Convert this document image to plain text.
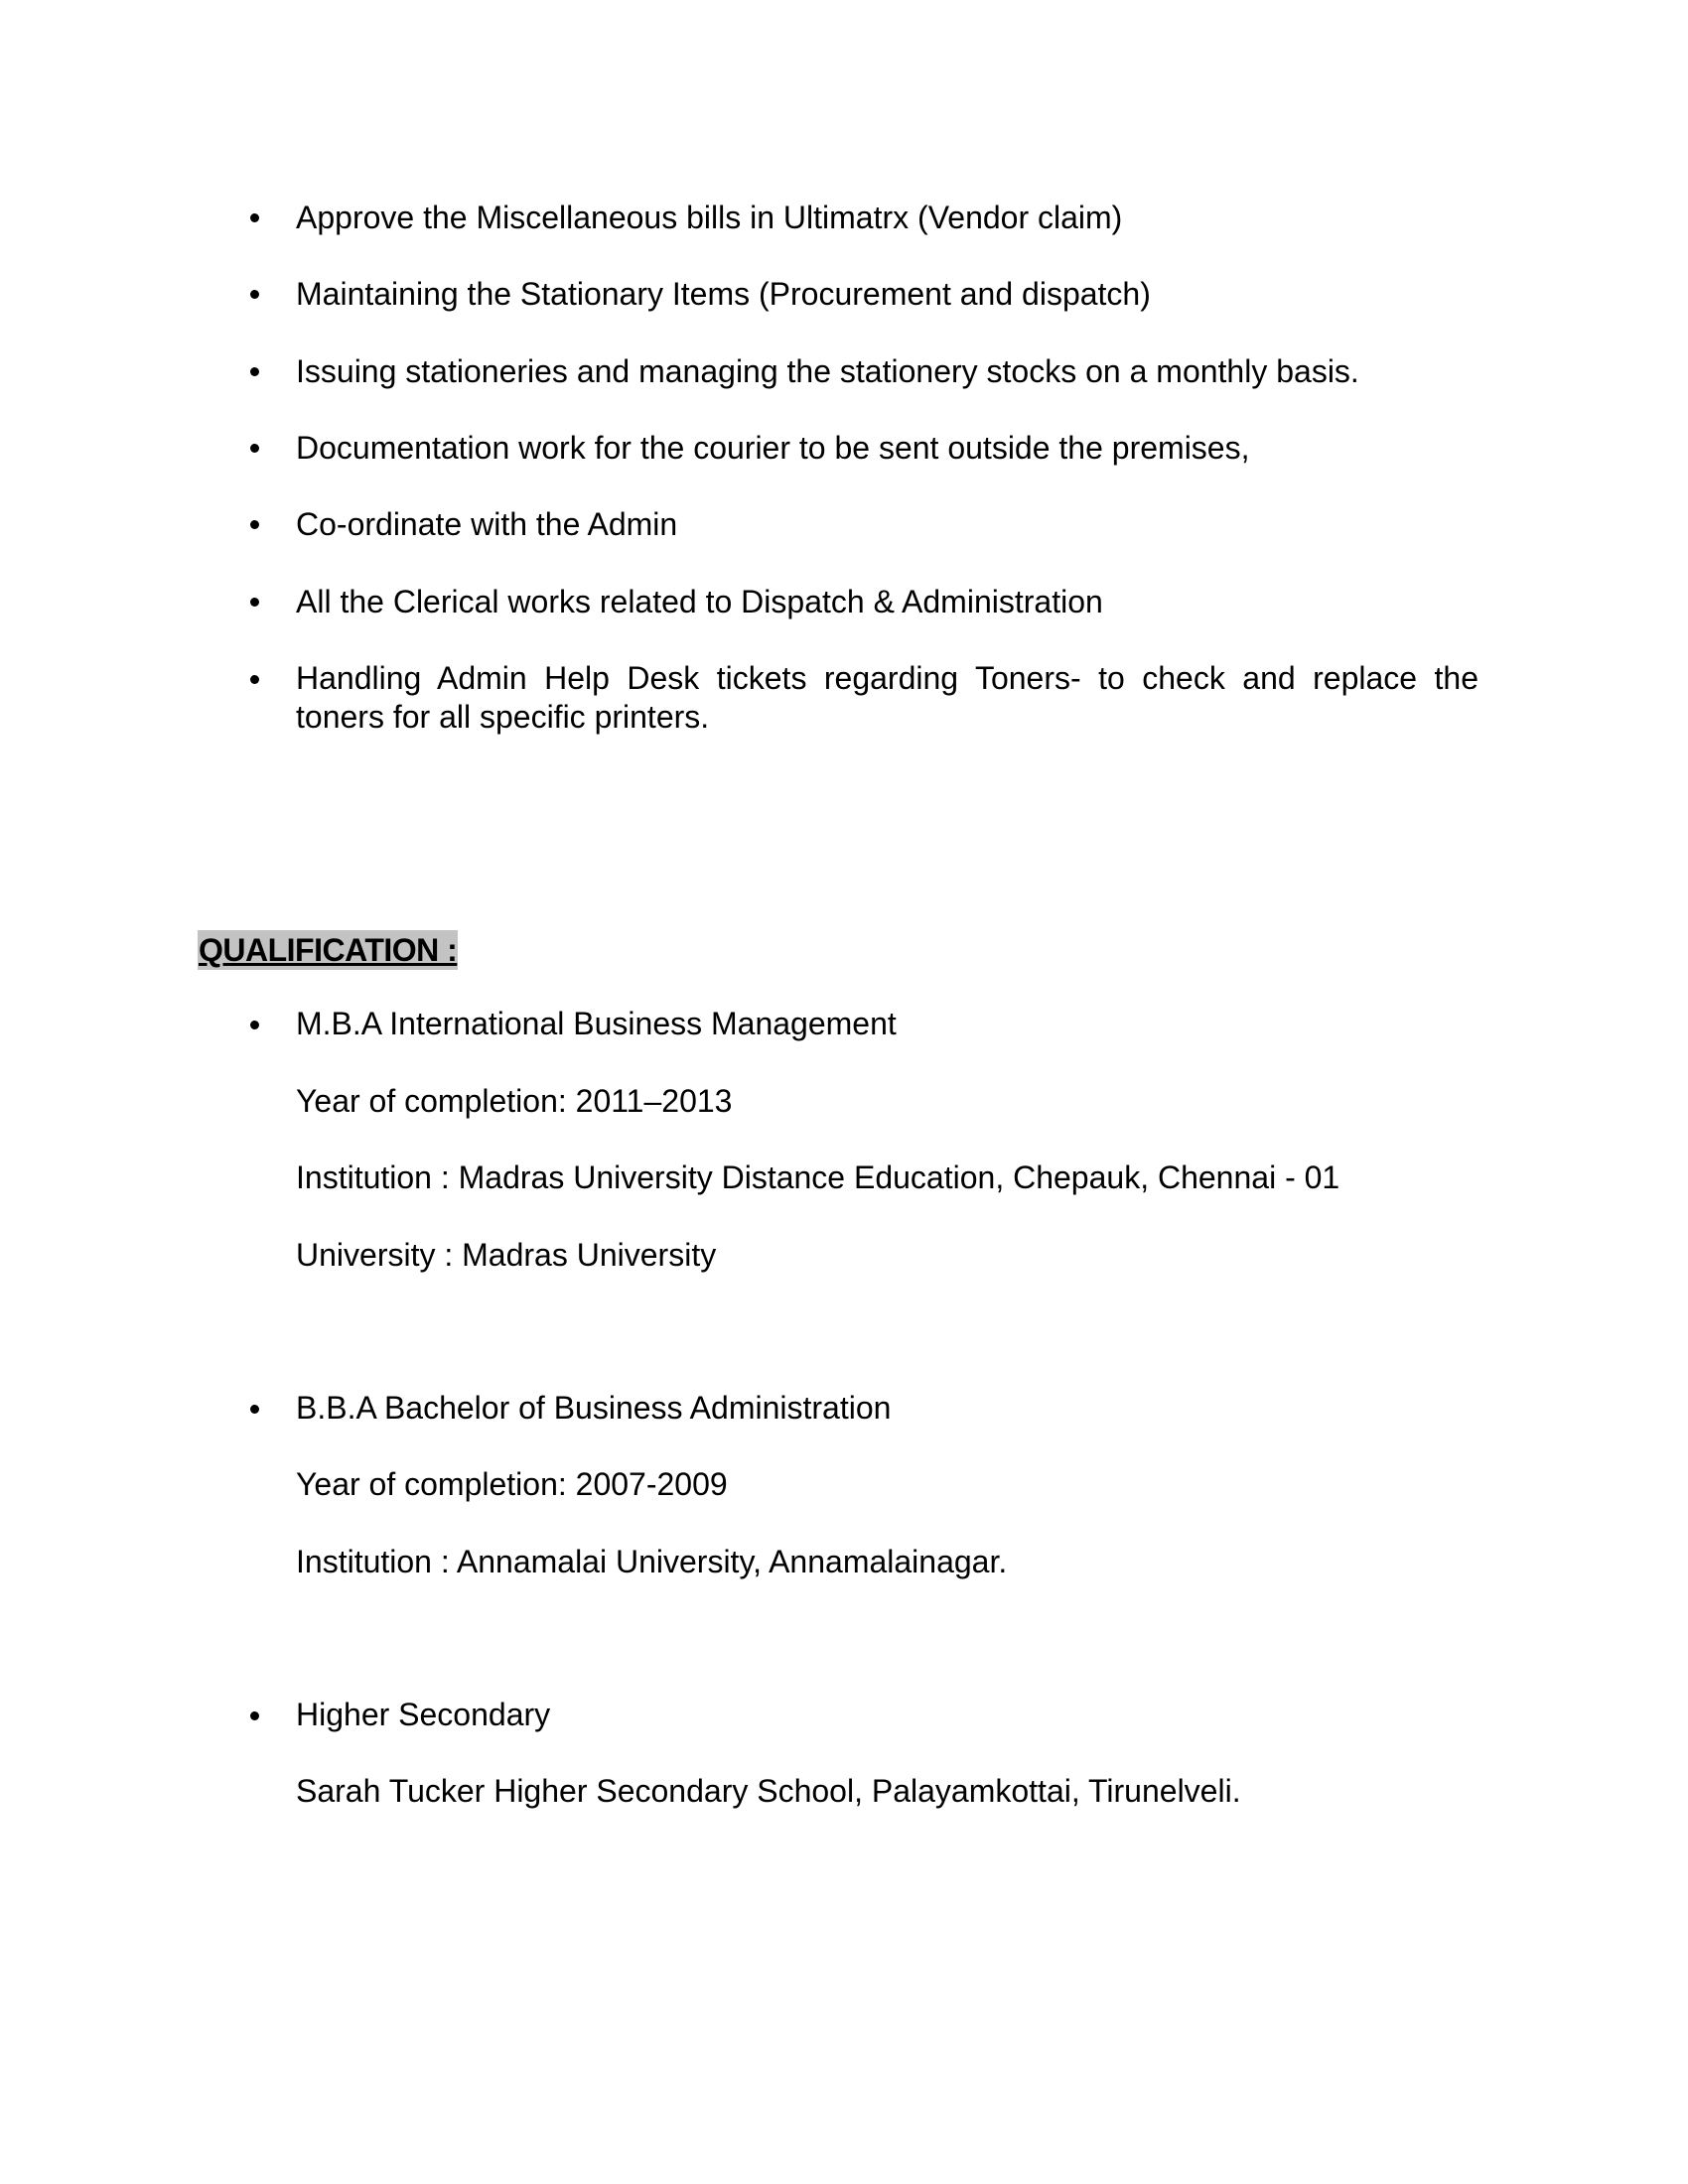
Approve the Miscellaneous bills in Ultimatrx (Vendor claim)
Maintaining the Stationary Items (Procurement and dispatch)
Issuing stationeries and managing the stationery stocks on a monthly basis.
Documentation work for the courier to be sent outside the premises,
Co-ordinate with the Admin
All the Clerical works related to Dispatch & Administration
Handling Admin Help Desk tickets regarding Toners- to check and replace the toners for all specific printers.
QUALIFICATION :
M.B.A International Business Management
Year of completion: 2011–2013
Institution : Madras University Distance Education, Chepauk, Chennai - 01
University : Madras University
B.B.A Bachelor of Business Administration
Year of completion: 2007-2009
Institution : Annamalai University, Annamalainagar.
Higher Secondary
Sarah Tucker Higher Secondary School, Palayamkottai, Tirunelveli.
